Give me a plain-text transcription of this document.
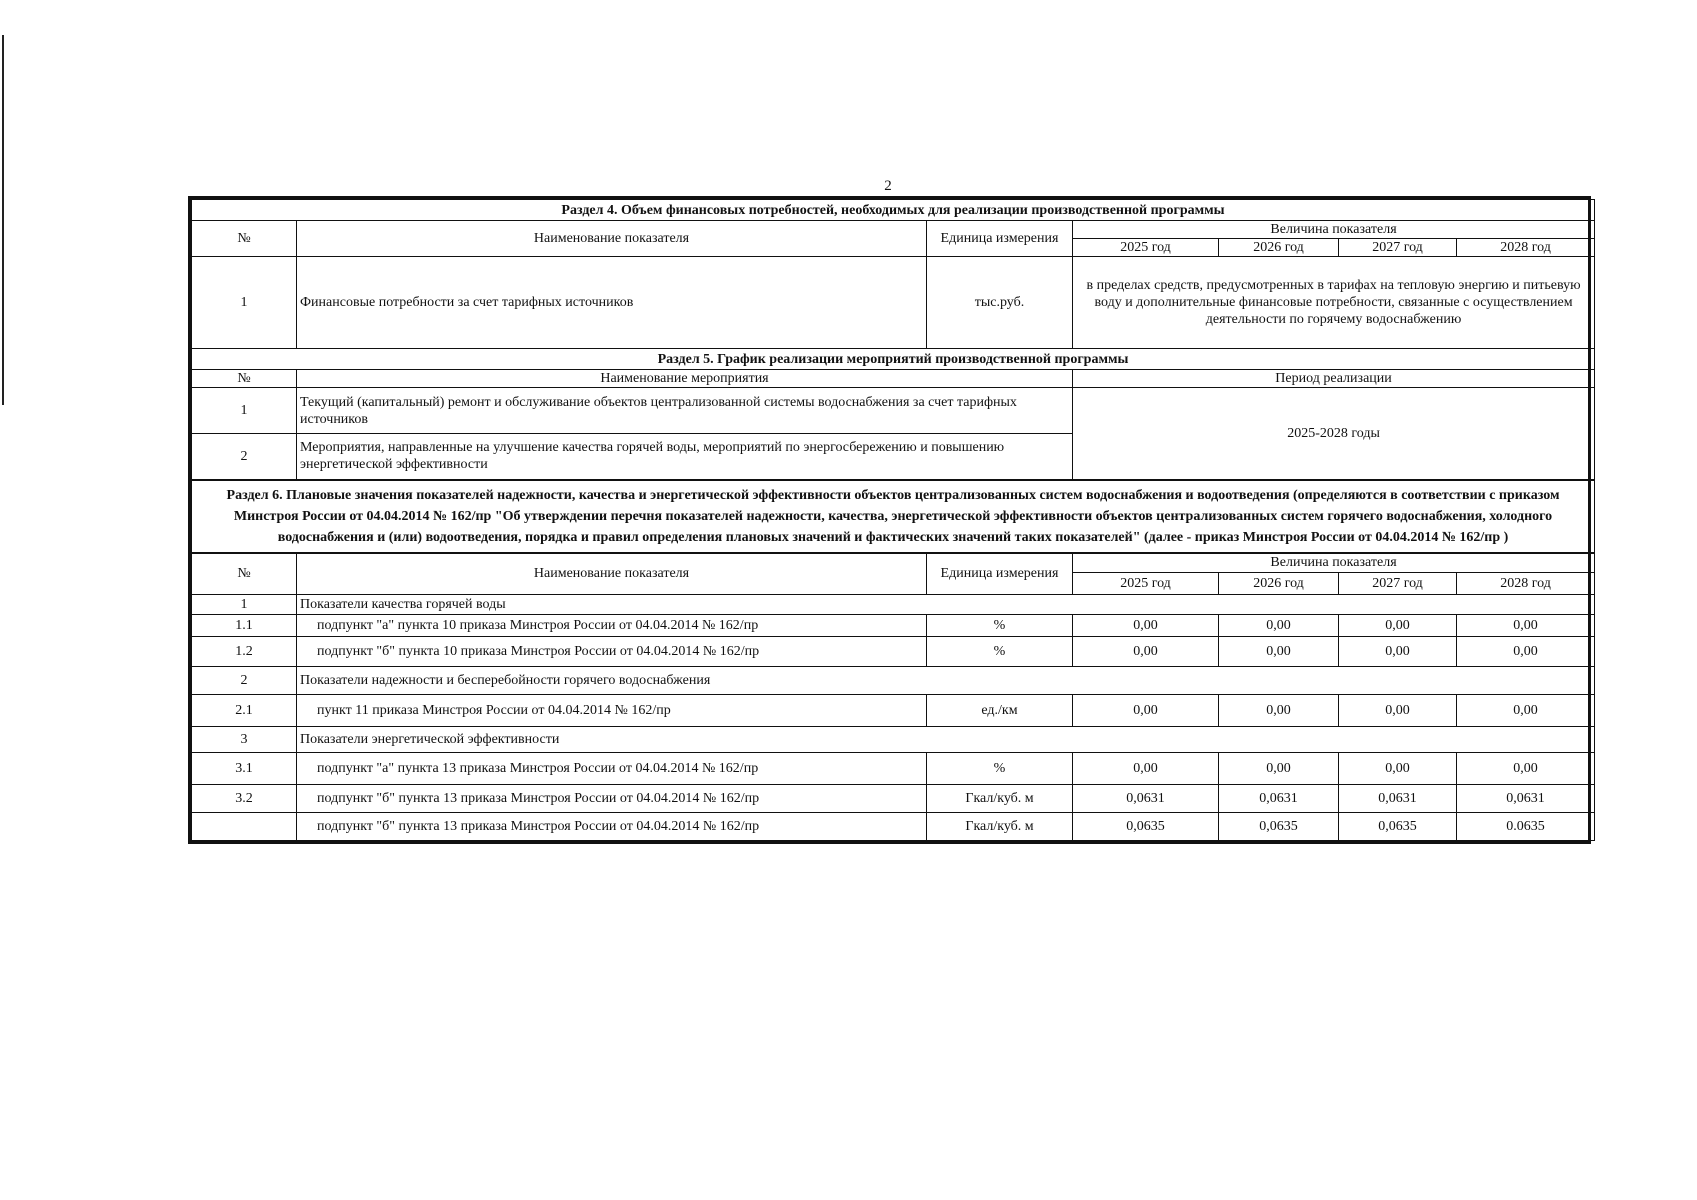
2
Раздел 4. Объем финансовых потребностей, необходимых для реализации производственной программы						
№	Наименование показателя	Единица измерения	Величина показателя			
			2025 год	2026 год	2027 год	2028 год
1	Финансовые потребности за счет тарифных источников	тыс.руб.	в пределах средств, предусмотренных в тарифах на тепловую энергию и питьевую воду и дополнительные финансовые потребности, связанные с осуществлением деятельности по горячему водоснабжению			
Раздел 5. График реализации мероприятий производственной программы						
№	Наименование мероприятия		Период реализации			
1	Текущий (капитальный) ремонт и обслуживание объектов централизованной системы водоснабжения за счет тарифных источников		2025-2028 годы			
2	Мероприятия, направленные на улучшение качества горячей воды, мероприятий по энергосбережению и повышению энергетической эффективности					
Раздел 6. Плановые значения показателей надежности, качества и энергетической эффективности объектов централизованных систем водоснабжения и водоотведения (определяются в соответствии с приказом Минстроя России от 04.04.2014 № 162/пр "Об утверждении перечня показателей надежности, качества, энергетической эффективности объектов централизованных систем горячего водоснабжения, холодного водоснабжения и (или) водоотведения, порядка и правил определения плановых значений и фактических значений таких показателей" (далее - приказ Минстроя России от 04.04.2014 № 162/пр )						
№	Наименование показателя	Единица измерения	Величина показателя			
			2025 год	2026 год	2027 год	2028 год
1	Показатели качества горячей воды					
1.1	подпункт "а" пункта 10 приказа Минстроя России от 04.04.2014 № 162/пр	%	0,00	0,00	0,00	0,00
1.2	подпункт "б" пункта 10 приказа Минстроя России от 04.04.2014 № 162/пр	%	0,00	0,00	0,00	0,00
2	Показатели надежности и бесперебойности горячего водоснабжения					
2.1	пункт 11 приказа Минстроя России от 04.04.2014 № 162/пр	ед./км	0,00	0,00	0,00	0,00
3	Показатели энергетической эффективности					
3.1	подпункт "а" пункта 13 приказа Минстроя России от 04.04.2014 № 162/пр	%	0,00	0,00	0,00	0,00
3.2	подпункт "б" пункта 13 приказа Минстроя России от 04.04.2014 № 162/пр	Гкал/куб. м	0,0631	0,0631	0,0631	0,0631
	подпункт "б" пункта 13 приказа Минстроя России от 04.04.2014 № 162/пр	Гкал/куб. м	0,0635	0,0635	0,0635	0.0635
